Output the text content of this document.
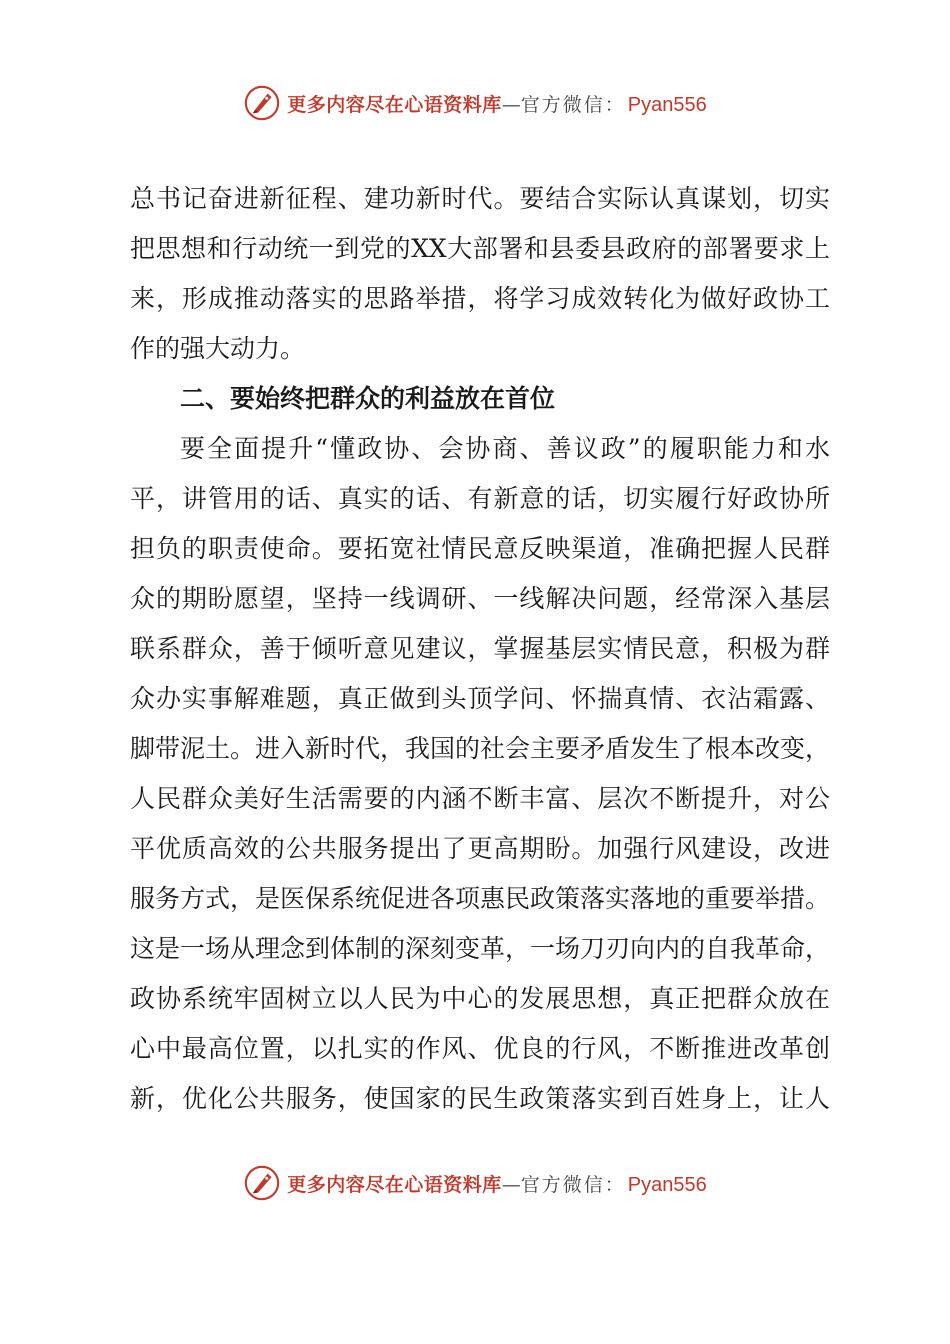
更多内容尽在心语资料库 — 官方微信： Pyan556
总书记奋进新征程、建功新时代。要结合实际认真谋划，切实
把思想和行动统一到党的XX大部署和县委县政府的部署要求上
来，形成推动落实的思路举措，将学习成效转化为做好政协工
作的强大动力。
二、要始终把群众的利益放在首位
要全面提升“懂政协、会协商、善议政”的履职能力和水
平，讲管用的话、真实的话、有新意的话，切实履行好政协所
担负的职责使命。要拓宽社情民意反映渠道，准确把握人民群
众的期盼愿望，坚持一线调研、一线解决问题，经常深入基层
联系群众，善于倾听意见建议，掌握基层实情民意，积极为群
众办实事解难题，真正做到头顶学问、怀揣真情、衣沾霜露、
脚带泥土。进入新时代，我国的社会主要矛盾发生了根本改变，
人民群众美好生活需要的内涵不断丰富、层次不断提升，对公
平优质高效的公共服务提出了更高期盼。加强行风建设，改进
服务方式，是医保系统促进各项惠民政策落实落地的重要举措。
这是一场从理念到体制的深刻变革，一场刀刃向内的自我革命，
政协系统牢固树立以人民为中心的发展思想，真正把群众放在
心中最高位置，以扎实的作风、优良的行风，不断推进改革创
新，优化公共服务，使国家的民生政策落实到百姓身上，让人
更多内容尽在心语资料库 — 官方微信： Pyan556
